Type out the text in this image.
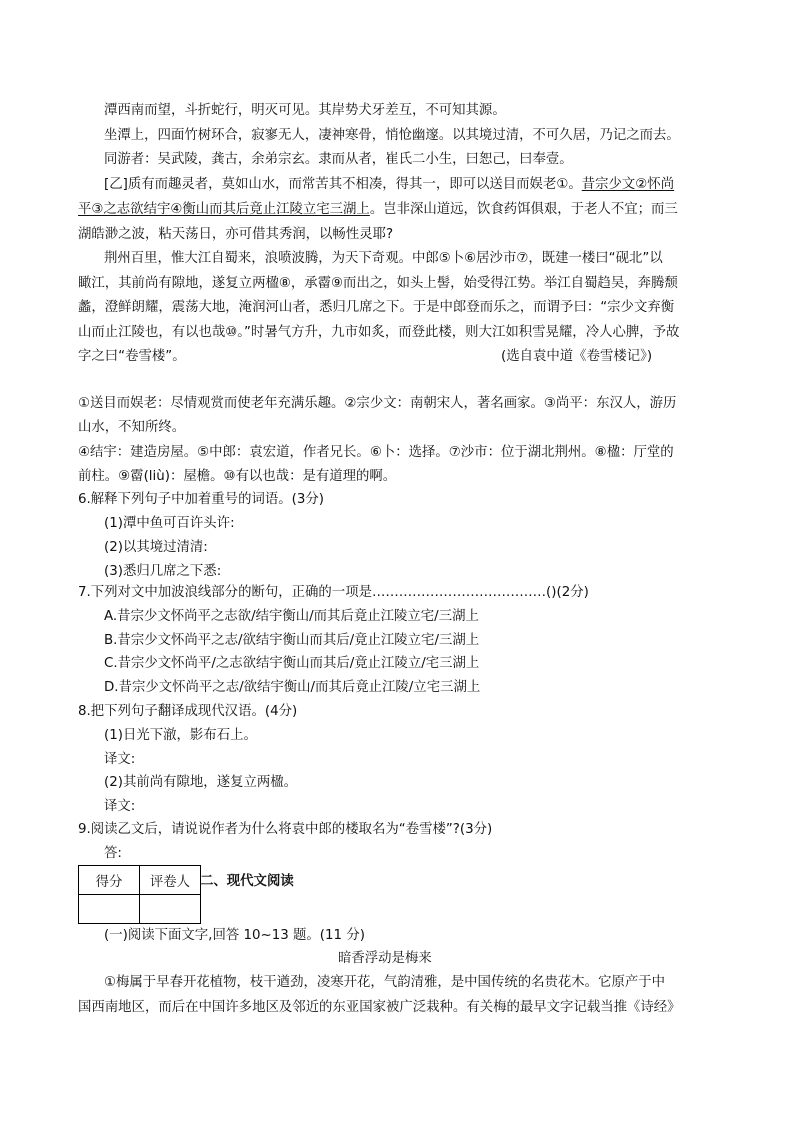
潭西南而望，斗折蛇行，明灭可见。其岸势犬牙差互，不可知其源。
坐潭上，四面竹树环合，寂寥无人，凄神寒骨，悄怆幽邃。以其境过清，不可久居，乃记之而去。
同游者：吴武陵，龚古，余弟宗玄。隶而从者，崔氏二小生，曰恕己，曰奉壹。
[乙]质有而趣灵者，莫如山水，而常苦其不相凑，得其一，即可以送目而娱老①。昔宗少文②怀尚
平③之志欲结宇④衡山而其后竟止江陵立宅三湖上。岂非深山道远，饮食药饵俱艰，于老人不宜；而三
湖皓渺之波，粘天荡日，亦可借其秀润，以畅性灵耶?
荆州百里，惟大江自蜀来，浪喷波腾，为天下奇观。中郎⑤卜⑥居沙市⑦，既建一楼曰“砚北”以
瞰江，其前尚有隙地，遂复立两楹⑧，承霤⑨而出之，如头上髻，始受得江势。举江自蜀趋吴，奔腾颓
蠡，澄鲜朗耀，震荡大地，淹润河山者，悉归几席之下。于是中郎登而乐之，而谓予曰：“宗少文弃衡
山而止江陵也，有以也哉⑩。”时暑气方升，九市如炙，而登此楼，则大江如积雪晃耀，冷人心脾，予故
字之曰“卷雪楼”。	(选自袁中道《卷雪楼记》)
①送目而娱老：尽情观赏而使老年充满乐趣。②宗少文：南朝宋人，著名画家。③尚平：东汉人，游历
山水，不知所终。
④结宇：建造房屋。⑤中郎：袁宏道，作者兄长。⑥卜：选择。⑦沙市：位于湖北荆州。⑧楹：厅堂的
前柱。⑨霤(liù)：屋檐。⑩有以也哉：是有道理的啊。
6.解释下列句子中加着重号的词语。(3分)
(1)潭中鱼可百许头许:
(2)以其境过清清:
(3)悉归几席之下悉:
7.下列对文中加波浪线部分的断句，正确的一项是…………………………………()(2分)
A.昔宗少文怀尚平之志欲/结宇衡山/而其后竟止江陵立宅/三湖上
B.昔宗少文怀尚平之志/欲结宇衡山而其后/竟止江陵立宅/三湖上
C.昔宗少文怀尚平/之志欲结宇衡山而其后/竟止江陵立/宅三湖上
D.昔宗少文怀尚平之志/欲结宇衡山/而其后竟止江陵/立宅三湖上
8.把下列句子翻译成现代汉语。(4分)
(1)日光下澈，影布石上。
译文:
(2)其前尚有隙地，遂复立两楹。
译文:
9.阅读乙文后，请说说作者为什么将袁中郎的楼取名为“卷雪楼”?(3分)
答:
得分	评卷人
	二、现代文阅读
(一)阅读下面文字,回答 10~13 题。(11 分)
暗香浮动是梅来
①梅属于早春开花植物，枝干遒劲，凌寒开花，气韵清雅，是中国传统的名贵花木。它原产于中
国西南地区，而后在中国许多地区及邻近的东亚国家被广泛栽种。有关梅的最早文字记载当推《诗经》
